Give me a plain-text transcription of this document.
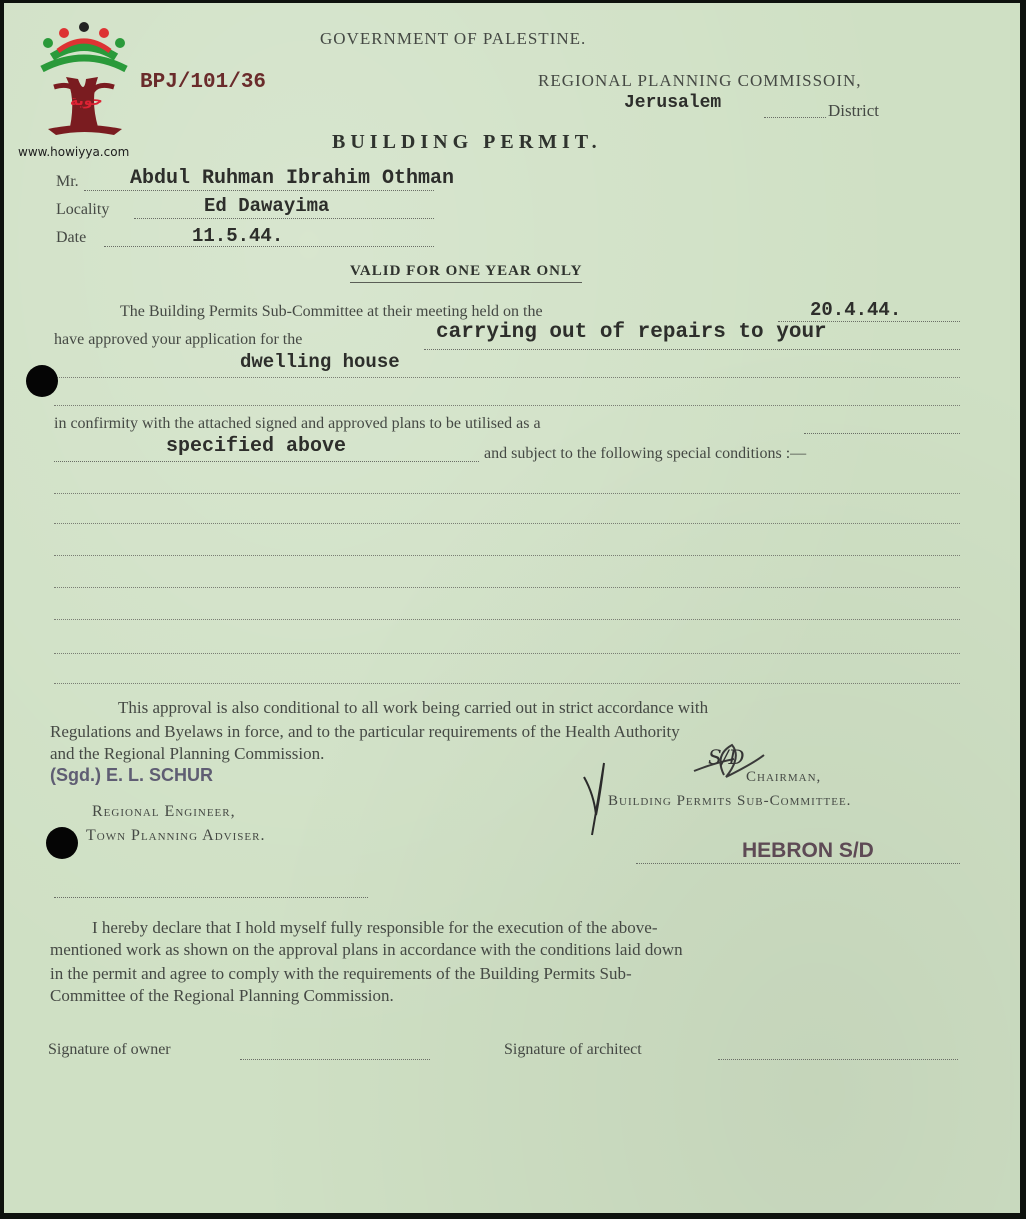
حوية
www.howiyya.com
GOVERNMENT OF PALESTINE.
BPJ/101/36	REGIONAL PLANNING COMMISSOIN,
Jerusalem	District
BUILDING PERMIT.
Mr.	Abdul Ruhman Ibrahim Othman
Locality	Ed Dawayima
Date	11.5.44.
VALID FOR ONE YEAR ONLY
The Building Permits Sub-Committee at their meeting held on the	20.4.44.
have approved your application for the	carrying out of repairs to your
dwelling house
in confirmity with the attached signed and approved plans to be utilised as a
specified above	and subject to the following special conditions :—
This approval is also conditional to all work being carried out in strict accordance with
Regulations and Byelaws in force, and to the particular requirements of the Health Authority
and the Regional Planning Commission.
(Sgd.) E. L. SCHUR
Regional Engineer,
Town Planning Adviser.
S/D
Chairman,
Building Permits Sub-Committee.
HEBRON S/D
I hereby declare that I hold myself fully responsible for the execution of the above-
mentioned work as shown on the approval plans in accordance with the conditions laid down
in the permit and agree to comply with the requirements of the Building Permits Sub-
Committee of the Regional Planning Commission.
Signature of owner	Signature of architect
